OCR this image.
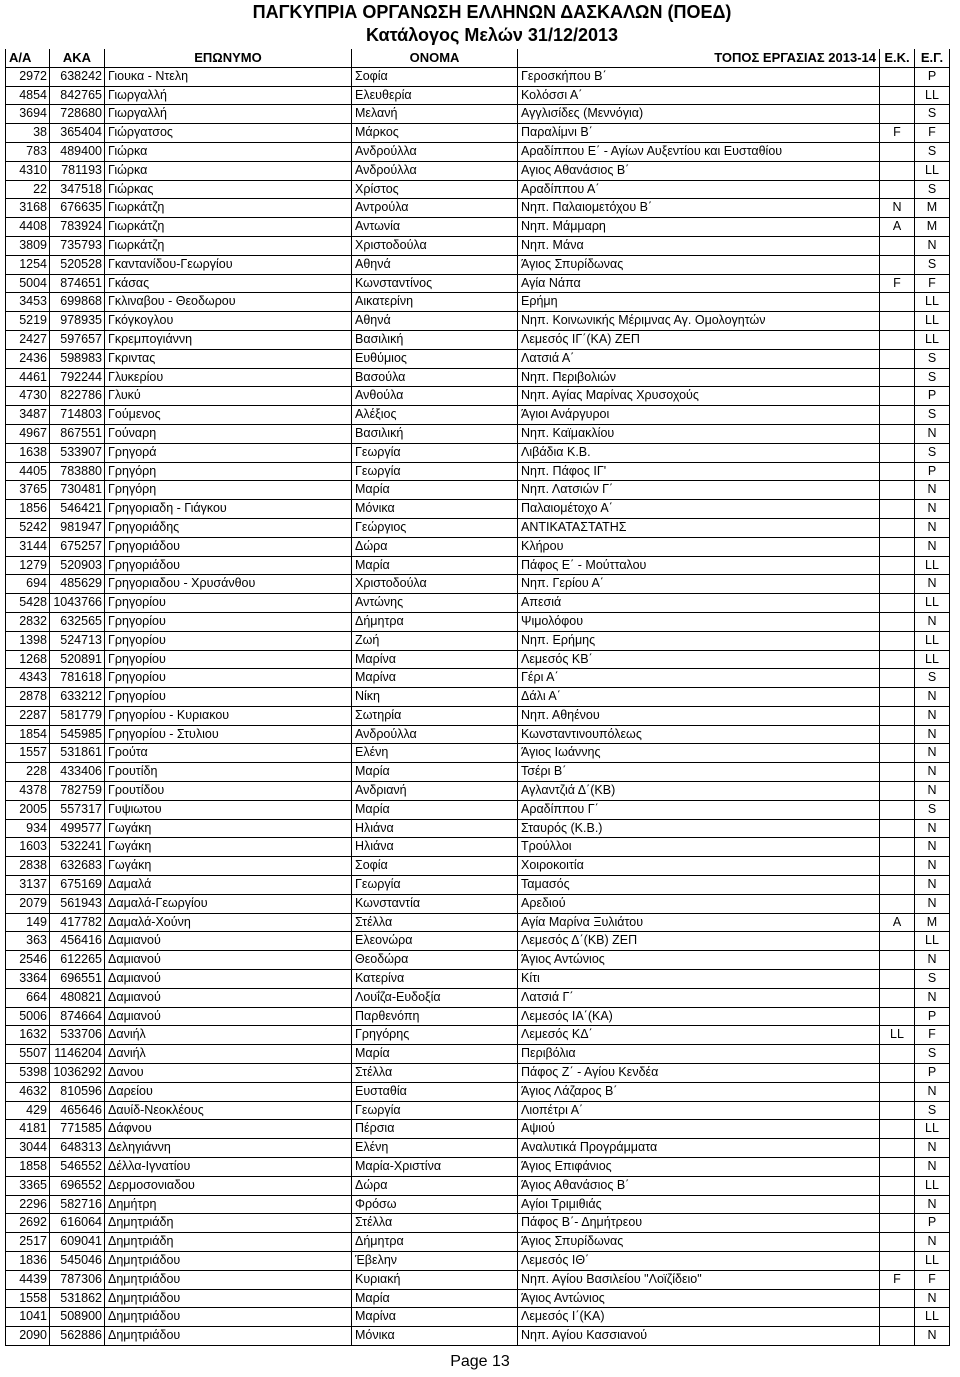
ΠΑΓΚΥΠΡΙΑ ΟΡΓΑΝΩΣΗ ΕΛΛΗΝΩΝ ΔΑΣΚΑΛΩΝ (ΠΟΕΔ)
Κατάλογος Μελών 31/12/2013
Α/Α	ΑΚΑ	ΕΠΩΝΥΜΟ	ΟΝΟΜΑ	ΤΟΠΟΣ ΕΡΓΑΣΙΑΣ 2013-14	Ε.Κ.	Ε.Γ.
2972	638242	Γιουκα - Ντελη	Σοφία	Γεροσκήπου Β΄		P
4854	842765	Γιωργαλλή	Ελευθερία	Κολόσσι Α΄		LL
3694	728680	Γιωργαλλή	Μελανή	Αγγλισίδες (Μεννόγια)		S
38	365404	Γιώργατσος	Μάρκος	Παραλίμνι Β΄	F	F
783	489400	Γιώρκα	Ανδρούλλα	Αραδίππου Ε΄ - Αγίων Αυξεντίου και Ευσταθίου		S
4310	781193	Γιώρκα	Ανδρούλλα	Αγιος Αθανάσιος Β΄		LL
22	347518	Γιώρκας	Χρίστος	Αραδίππου Α΄		S
3168	676635	Γιωρκάτζη	Αντρούλα	Νηπ. Παλαιομετόχου Β΄	N	M
4408	783924	Γιωρκάτζη	Αντωνία	Νηπ. Μάμμαρη	A	M
3809	735793	Γιωρκάτζη	Χριστοδούλα	Νηπ. Μάνα		N
1254	520528	Γκαντανίδου-Γεωργίου	Αθηνά	Άγιος Σπυρίδωνας		S
5004	874651	Γκάσας	Κωνσταντίνος	Αγία Νάπα	F	F
3453	699868	Γκλιναβου - Θεοδωρου	Αικατερίνη	Ερήμη		LL
5219	978935	Γκόγκογλου	Αθηνά	Νηπ. Κοινωνικής Μέριμνας Αγ. Ομολογητών		LL
2427	597657	Γκρεμπογιάννη	Βασιλική	Λεμεσός ΙΓ΄(ΚΑ) ΖΕΠ		LL
2436	598983	Γκριντας	Ευθύμιος	Λατσιά Α΄		S
4461	792244	Γλυκερίου	Βασούλα	Νηπ. Περιβολιών		S
4730	822786	Γλυκύ	Ανθούλα	Νηπ. Αγίας Μαρίνας Χρυσοχούς		P
3487	714803	Γούμενος	Αλέξιος	Άγιοι Ανάργυροι		S
4967	867551	Γούναρη	Βασιλική	Νηπ. Καϊμακλίου		N
1638	533907	Γρηγορά	Γεωργία	Λιβάδια Κ.Β.		S
4405	783880	Γρηγόρη	Γεωργία	Νηπ. Πάφος ΙΓ'		P
3765	730481	Γρηγόρη	Μαρία	Νηπ. Λατσιών Γ΄		N
1856	546421	Γρηγοριαδη - Γιάγκου	Μόνικα	Παλαιομέτοχο Α΄		N
5242	981947	Γρηγοριάδης	Γεώργιος	ΑΝΤΙΚΑΤΑΣΤΑΤΗΣ		N
3144	675257	Γρηγοριάδου	Δώρα	Κλήρου		N
1279	520903	Γρηγοριάδου	Μαρία	Πάφος Ε΄ - Μούτταλου		LL
694	485629	Γρηγοριαδου - Χρυσάνθου	Χριστοδούλα	Νηπ. Γερίου Α΄		N
5428	1043766	Γρηγορίου	Αντώνης	Απεσιά		LL
2832	632565	Γρηγορίου	Δήμητρα	Ψιμολόφου		N
1398	524713	Γρηγορίου	Ζωή	Νηπ. Ερήμης		LL
1268	520891	Γρηγορίου	Μαρίνα	Λεμεσός ΚΒ΄		LL
4343	781618	Γρηγορίου	Μαρίνα	Γέρι Α΄		S
2878	633212	Γρηγορίου	Νίκη	Δάλι Α΄		N
2287	581779	Γρηγορίου - Κυριακου	Σωτηρία	Νηπ. Αθηένου		N
1854	545985	Γρηγορίου - Στυλιου	Ανδρούλλα	Κωνσταντινουπόλεως		N
1557	531861	Γρούτα	Ελένη	Άγιος Ιωάννης		N
228	433406	Γρουτίδη	Μαρία	Τσέρι Β΄		N
4378	782759	Γρουτίδου	Ανδριανή	Αγλαντζιά Δ΄(ΚΒ)		N
2005	557317	Γυψιωτου	Μαρία	Αραδίππου Γ΄		S
934	499577	Γωγάκη	Ηλιάνα	Σταυρός (Κ.Β.)		N
1603	532241	Γωγάκη	Ηλιάνα	Τρούλλοι		N
2838	632683	Γωγάκη	Σοφία	Χοιροκοιτία		N
3137	675169	Δαμαλά	Γεωργία	Ταμασός		N
2079	561943	Δαμαλά-Γεωργίου	Κωνσταντία	Αρεδιού		N
149	417782	Δαμαλά-Χούνη	Στέλλα	Αγία Μαρίνα Ξυλιάτου	A	M
363	456416	Δαμιανού	Ελεονώρα	Λεμεσός Δ΄(ΚΒ) ΖΕΠ		LL
2546	612265	Δαμιανού	Θεοδώρα	Άγιος Αντώνιος		N
3364	696551	Δαμιανού	Κατερίνα	Κίτι		S
664	480821	Δαμιανού	Λουΐζα-Ευδοξία	Λατσιά Γ΄		N
5006	874664	Δαμιανού	Παρθενόπη	Λεμεσός ΙΑ΄(ΚΑ)		P
1632	533706	Δανιήλ	Γρηγόρης	Λεμεσός ΚΔ΄	LL	F
5507	1146204	Δανιήλ	Μαρία	Περιβόλια		S
5398	1036292	Δανου	Στέλλα	Πάφος Ζ΄ - Αγίου Κενδέα		P
4632	810596	Δαρείου	Ευσταθία	Άγιος Λάζαρος Β΄		N
429	465646	Δαυίδ-Νεοκλέους	Γεωργία	Λιοπέτρι Α΄		S
4181	771585	Δάφνου	Πέρσια	Αψιού		LL
3044	648313	Δεληγιάννη	Ελένη	Αναλυτικά Προγράμματα		N
1858	546552	Δέλλα-Ιγνατίου	Μαρία-Χριστίνα	Άγιος Επιφάνιος		N
3365	696552	Δερμοσονιαδου	Δώρα	Άγιος Αθανάσιος Β΄		LL
2296	582716	Δημήτρη	Φρόσω	Αγίοι Τριμιθιάς		N
2692	616064	Δημητριάδη	Στέλλα	Πάφος Β΄- Δημήτρεου		P
2517	609041	Δημητριάδη	Δήμητρα	Άγιος Σπυρίδωνας		N
1836	545046	Δημητριάδου	Έβελην	Λεμεσός ΙΘ΄		LL
4439	787306	Δημητριάδου	Κυριακή	Νηπ. Αγίου Βασιλείου "Λοϊζίδειο"	F	F
1558	531862	Δημητριάδου	Μαρία	Άγιος Αντώνιος		N
1041	508900	Δημητριάδου	Μαρίνα	Λεμεσός Ι΄(ΚΑ)		LL
2090	562886	Δημητριάδου	Μόνικα	Νηπ. Αγίου Κασσιανού		N
Page 13
